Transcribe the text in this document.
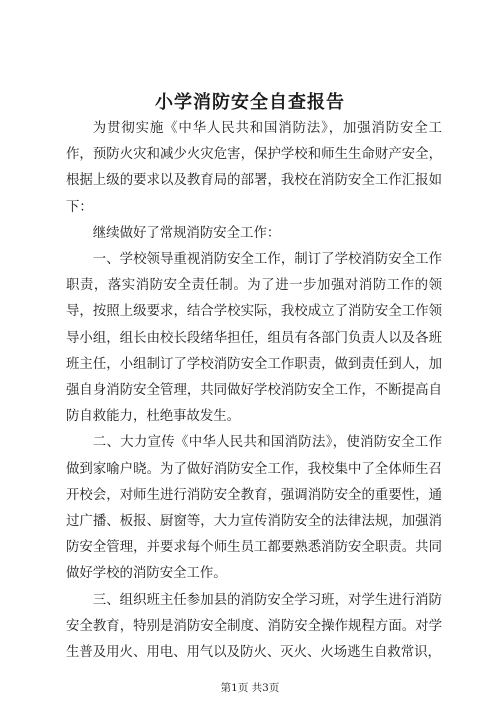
小学消防安全自查报告

为贯彻实施《中华人民共和国消防法》，加强消防安全工作，预防火灾和减少火灾危害，保护学校和师生生命财产安全，根据上级的要求以及教育局的部署，我校在消防安全工作汇报如下：

继续做好了常规消防安全工作：

一、学校领导重视消防安全工作，制订了学校消防安全工作职责，落实消防安全责任制。为了进一步加强对消防工作的领导，按照上级要求，结合学校实际，我校成立了消防安全工作领导小组，组长由校长段绪华担任，组员有各部门负责人以及各班班主任，小组制订了学校消防安全工作职责，做到责任到人，加强自身消防安全管理，共同做好学校消防安全工作，不断提高自防自救能力，杜绝事故发生。

二、大力宣传《中华人民共和国消防法》，使消防安全工作做到家喻户晓。为了做好消防安全工作，我校集中了全体师生召开校会，对师生进行消防安全教育，强调消防安全的重要性，通过广播、板报、厨窗等，大力宣传消防安全的法律法规，加强消防安全管理，并要求每个师生员工都要熟悉消防安全职责。共同做好学校的消防安全工作。

三、组织班主任参加县的消防安全学习班，对学生进行消防安全教育，特别是消防安全制度、消防安全操作规程方面。对学生普及用火、用电、用气以及防火、灭火、火场逃生自救常识，

第1页 共3页
